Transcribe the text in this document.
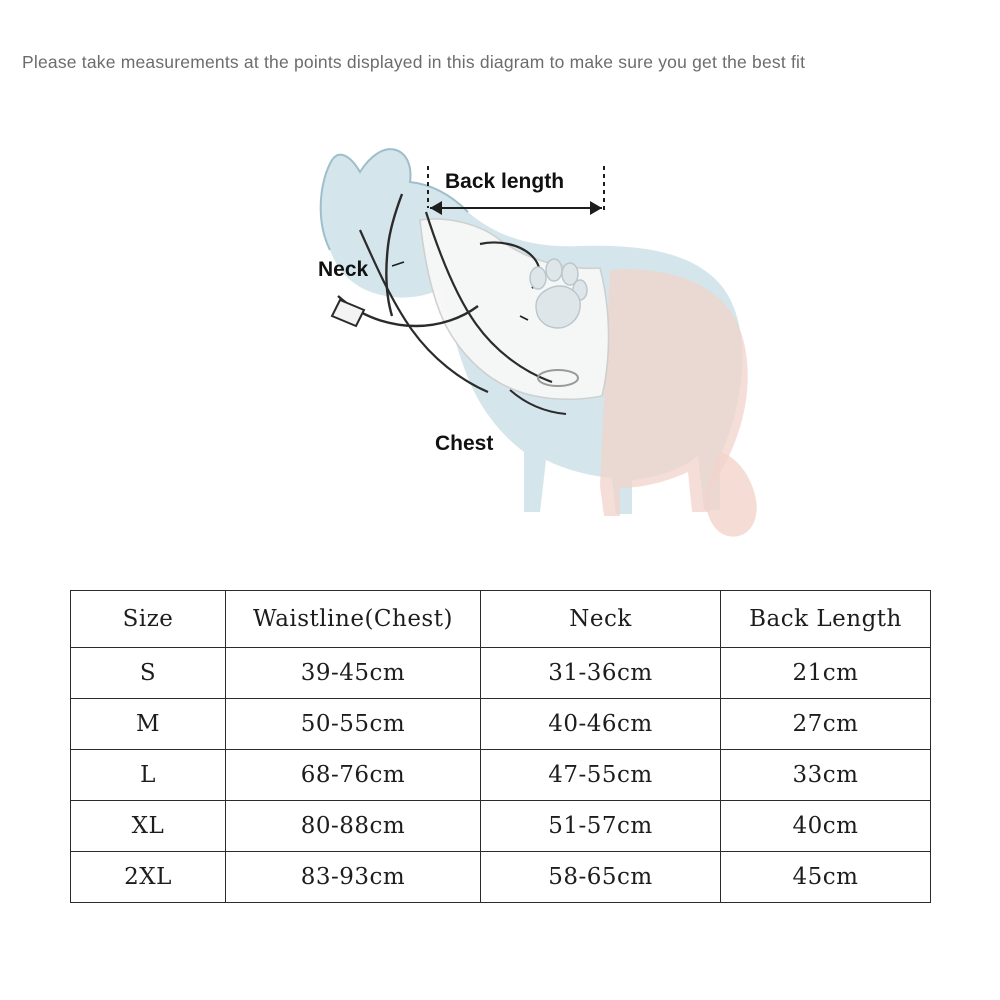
Please take measurements at the points displayed in this diagram to make sure you get the best fit
Neck
Chest
Back length
Size	Waistline(Chest)	Neck	Back Length
S	39-45cm	31-36cm	21cm
M	50-55cm	40-46cm	27cm
L	68-76cm	47-55cm	33cm
XL	80-88cm	51-57cm	40cm
2XL	83-93cm	58-65cm	45cm
